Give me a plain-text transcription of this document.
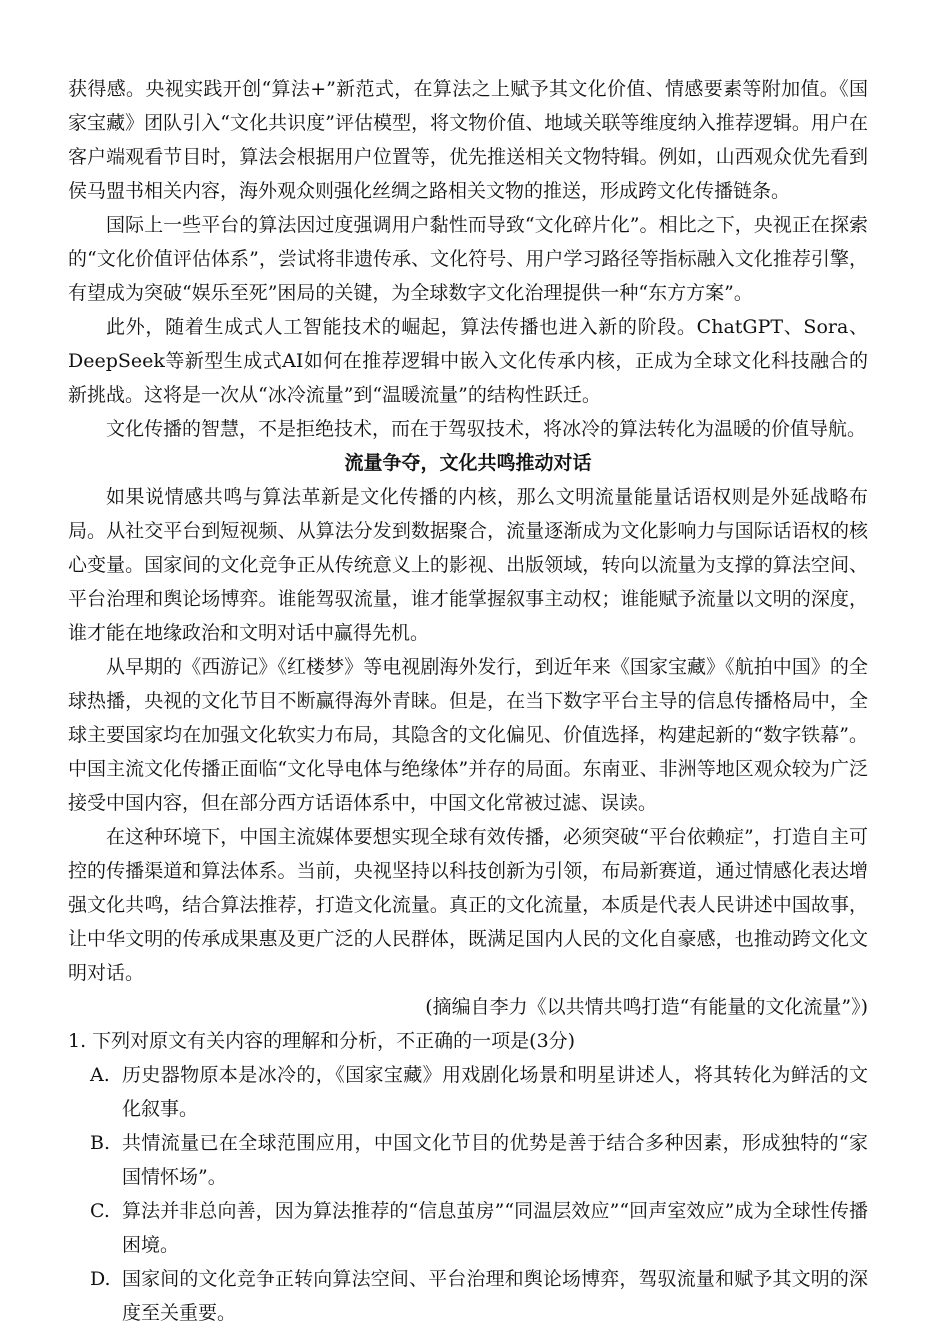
获得感。央视实践开创“算法+”新范式，在算法之上赋予其文化价值、情感要素等附加值。《国家宝藏》团队引入“文化共识度”评估模型，将文物价值、地域关联等维度纳入推荐逻辑。用户在客户端观看节目时，算法会根据用户位置等，优先推送相关文物特辑。例如，山西观众优先看到侯马盟书相关内容，海外观众则强化丝绸之路相关文物的推送，形成跨文化传播链条。

国际上一些平台的算法因过度强调用户黏性而导致“文化碎片化”。相比之下，央视正在探索的“文化价值评估体系”，尝试将非遗传承、文化符号、用户学习路径等指标融入文化推荐引擎，有望成为突破“娱乐至死”困局的关键，为全球数字文化治理提供一种“东方方案”。

此外，随着生成式人工智能技术的崛起，算法传播也进入新的阶段。ChatGPT、Sora、DeepSeek等新型生成式AI如何在推荐逻辑中嵌入文化传承内核，正成为全球文化科技融合的新挑战。这将是一次从“冰冷流量”到“温暖流量”的结构性跃迁。

文化传播的智慧，不是拒绝技术，而在于驾驭技术，将冰冷的算法转化为温暖的价值导航。

流量争夺，文化共鸣推动对话

如果说情感共鸣与算法革新是文化传播的内核，那么文明流量能量话语权则是外延战略布局。从社交平台到短视频、从算法分发到数据聚合，流量逐渐成为文化影响力与国际话语权的核心变量。国家间的文化竞争正从传统意义上的影视、出版领域，转向以流量为支撑的算法空间、平台治理和舆论场博弈。谁能驾驭流量，谁才能掌握叙事主动权；谁能赋予流量以文明的深度，谁才能在地缘政治和文明对话中赢得先机。

从早期的《西游记》《红楼梦》等电视剧海外发行，到近年来《国家宝藏》《航拍中国》的全球热播，央视的文化节目不断赢得海外青睐。但是，在当下数字平台主导的信息传播格局中，全球主要国家均在加强文化软实力布局，其隐含的文化偏见、价值选择，构建起新的“数字铁幕”。中国主流文化传播正面临“文化导电体与绝缘体”并存的局面。东南亚、非洲等地区观众较为广泛接受中国内容，但在部分西方话语体系中，中国文化常被过滤、误读。

在这种环境下，中国主流媒体要想实现全球有效传播，必须突破“平台依赖症”，打造自主可控的传播渠道和算法体系。当前，央视坚持以科技创新为引领，布局新赛道，通过情感化表达增强文化共鸣，结合算法推荐，打造文化流量。真正的文化流量，本质是代表人民讲述中国故事，让中华文明的传承成果惠及更广泛的人民群体，既满足国内人民的文化自豪感，也推动跨文化文明对话。

(摘编自李力《以共情共鸣打造“有能量的文化流量”》)

1. 下列对原文有关内容的理解和分析，不正确的一项是(3分)

A. 历史器物原本是冰冷的，《国家宝藏》用戏剧化场景和明星讲述人，将其转化为鲜活的文化叙事。
B. 共情流量已在全球范围应用，中国文化节目的优势是善于结合多种因素，形成独特的“家国情怀场”。
C. 算法并非总向善，因为算法推荐的“信息茧房”“同温层效应”“回声室效应”成为全球性传播困境。
D. 国家间的文化竞争正转向算法空间、平台治理和舆论场博弈，驾驭流量和赋予其文明的深度至关重要。
